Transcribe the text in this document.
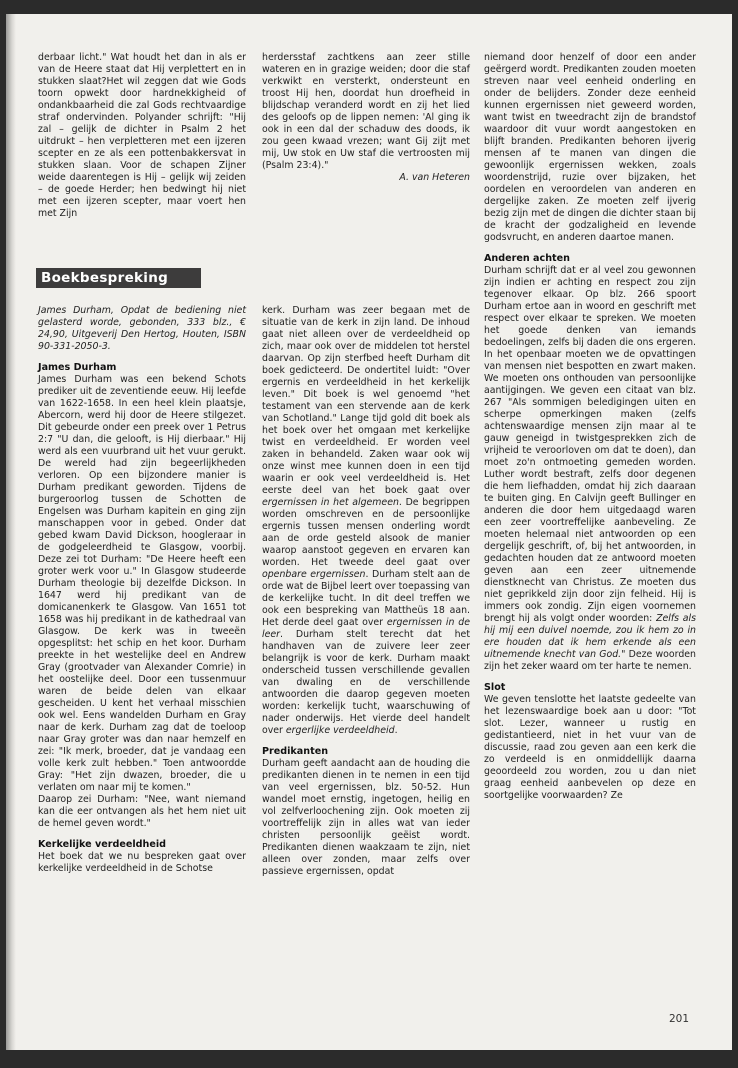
derbaar licht." Wat houdt het dan in als er van de Heere staat dat Hij verplettert en in stukken slaat?Het wil zeggen dat wie Gods toorn opwekt door hardnekkigheid of ondankbaarheid die zal Gods rechtvaardige straf ondervinden. Polyander schrijft: "Hij zal – gelijk de dichter in Psalm 2 het uitdrukt – hen verpletteren met een ijzeren scepter en ze als een pottenbakkersvat in stukken slaan. Voor de schapen Zijner weide daarentegen is Hij – gelijk wij zeiden – de goede Herder; hen bedwingt hij niet met een ijzeren scepter, maar voert hen met Zijn

herdersstaf zachtkens aan zeer stille wateren en in grazige weiden; door die staf verkwikt en versterkt, ondersteunt en troost Hij hen, doordat hun droefheid in blijdschap veranderd wordt en zij het lied des geloofs op de lippen nemen: 'Al ging ik ook in een dal der schaduw des doods, ik zou geen kwaad vrezen; want Gij zijt met mij, Uw stok en Uw staf die vertroosten mij (Psalm 23:4)."

A. van Heteren

niemand door henzelf of door een ander geërgerd wordt. Predikanten zouden moeten streven naar veel eenheid onderling en onder de belijders. Zonder deze eenheid kunnen ergernissen niet geweerd worden, want twist en tweedracht zijn de brandstof waardoor dit vuur wordt aangestoken en blijft branden. Predikanten behoren ijverig mensen af te manen van dingen die gewoonlijk ergernissen wekken, zoals woordenstrijd, ruzie over bijzaken, het oordelen en veroordelen van anderen en dergelijke zaken. Ze moeten zelf ijverig bezig zijn met de dingen die dichter staan bij de kracht der godzaligheid en levende godsvrucht, en anderen daartoe manen.

Anderen achten

Durham schrijft dat er al veel zou gewonnen zijn indien er achting en respect zou zijn tegenover elkaar. Op blz. 266 spoort Durham ertoe aan in woord en geschrift met respect over elkaar te spreken. We moeten het goede denken van iemands bedoelingen, zelfs bij daden die ons ergeren. In het openbaar moeten we de opvattingen van mensen niet bespotten en zwart maken. We moeten ons onthouden van persoonlijke aantijgingen. We geven een citaat van blz. 267 "Als sommigen beledigingen uiten en scherpe opmerkingen maken (zelfs achtenswaardige mensen zijn maar al te gauw geneigd in twistgesprekken zich de vrijheid te veroorloven om dat te doen), dan moet zo'n ontmoeting gemeden worden. Luther wordt bestraft, zelfs door degenen die hem liefhadden, omdat hij zich daaraan te buiten ging. En Calvijn geeft Bullinger en anderen die door hem uitgedaagd waren een zeer voortreffelijke aanbeveling. Ze moeten helemaal niet antwoorden op een dergelijk geschrift, of, bij het antwoorden, in gedachten houden dat ze antwoord moeten geven aan een zeer uitnemende dienstknecht van Christus. Ze moeten dus niet geprikkeld zijn door zijn felheid. Hij is immers ook zondig. Zijn eigen voornemen brengt hij als volgt onder woorden: Zelfs als hij mij een duivel noemde, zou ik hem zo in ere houden dat ik hem erkende als een uitnemende knecht van God." Deze woorden zijn het zeker waard om ter harte te nemen.

Slot

We geven tenslotte het laatste gedeelte van het lezenswaardige boek aan u door: "Tot slot. Lezer, wanneer u rustig en gedistantieerd, niet in het vuur van de discussie, raad zou geven aan een kerk die zo verdeeld is en onmiddellijk daarna geoordeeld zou worden, zou u dan niet graag eenheid aanbevelen op deze en soortgelijke voorwaarden? Ze

Boekbespreking

James Durham, Opdat de bediening niet gelasterd worde, gebonden, 333 blz., € 24,90, Uitgeverij Den Hertog, Houten, ISBN 90-331-2050-3.

James Durham

James Durham was een bekend Schots prediker uit de zeventiende eeuw. Hij leefde van 1622-1658. In een heel klein plaatsje, Abercorn, werd hij door de Heere stilgezet. Dit gebeurde onder een preek over 1 Petrus 2:7 "U dan, die gelooft, is Hij dierbaar." Hij werd als een vuurbrand uit het vuur gerukt. De wereld had zijn begeerlijkheden verloren. Op een bijzondere manier is Durham predikant geworden. Tijdens de burgeroorlog tussen de Schotten de Engelsen was Durham kapitein en ging zijn manschappen voor in gebed. Onder dat gebed kwam David Dickson, hoogleraar in de godgeleerdheid te Glasgow, voorbij. Deze zei tot Durham: "De Heere heeft een groter werk voor u." In Glasgow studeerde Durham theologie bij dezelfde Dickson. In 1647 werd hij predikant van de domicanenkerk te Glasgow. Van 1651 tot 1658 was hij predikant in de kathedraal van Glasgow. De kerk was in tweeën opgesplitst: het schip en het koor. Durham preekte in het westelijke deel en Andrew Gray (grootvader van Alexander Comrie) in het oostelijke deel. Door een tussenmuur waren de beide delen van elkaar gescheiden. U kent het verhaal misschien ook wel. Eens wandelden Durham en Gray naar de kerk. Durham zag dat de toeloop naar Gray groter was dan naar hemzelf en zei: "Ik merk, broeder, dat je vandaag een volle kerk zult hebben." Toen antwoordde Gray: "Het zijn dwazen, broeder, die u verlaten om naar mij te komen."

Daarop zei Durham: "Nee, want niemand kan die eer ontvangen als het hem niet uit de hemel geven wordt."

Kerkelijke verdeeldheid

Het boek dat we nu bespreken gaat over kerkelijke verdeeldheid in de Schotse

kerk. Durham was zeer begaan met de situatie van de kerk in zijn land. De inhoud gaat niet alleen over de verdeeldheid op zich, maar ook over de middelen tot herstel daarvan. Op zijn sterfbed heeft Durham dit boek gedicteerd. De ondertitel luidt: "Over ergernis en verdeeldheid in het kerkelijk leven." Dit boek is wel genoemd "het testament van een stervende aan de kerk van Schotland." Lange tijd gold dit boek als het boek over het omgaan met kerkelijke twist en verdeeldheid. Er worden veel zaken in behandeld. Zaken waar ook wij onze winst mee kunnen doen in een tijd waarin er ook veel verdeeldheid is. Het eerste deel van het boek gaat over ergernissen in het algemeen. De begrippen worden omschreven en de persoonlijke ergernis tussen mensen onderling wordt aan de orde gesteld alsook de manier waarop aanstoot gegeven en ervaren kan worden. Het tweede deel gaat over openbare ergernissen. Durham stelt aan de orde wat de Bijbel leert over toepassing van de kerkelijke tucht. In dit deel treffen we ook een bespreking van Mattheüs 18 aan. Het derde deel gaat over ergernissen in de leer. Durham stelt terecht dat het handhaven van de zuivere leer zeer belangrijk is voor de kerk. Durham maakt onderscheid tussen verschillende gevallen van dwaling en de verschillende antwoorden die daarop gegeven moeten worden: kerkelijk tucht, waarschuwing of nader onderwijs. Het vierde deel handelt over ergerlijke verdeeldheid.

Predikanten

Durham geeft aandacht aan de houding die predikanten dienen in te nemen in een tijd van veel ergernissen, blz. 50-52. Hun wandel moet ernstig, ingetogen, heilig en vol zelfverloochening zijn. Ook moeten zij voortreffelijk zijn in alles wat van ieder christen persoonlijk geëist wordt. Predikanten dienen waakzaam te zijn, niet alleen over zonden, maar zelfs over passieve ergernissen, opdat

201
